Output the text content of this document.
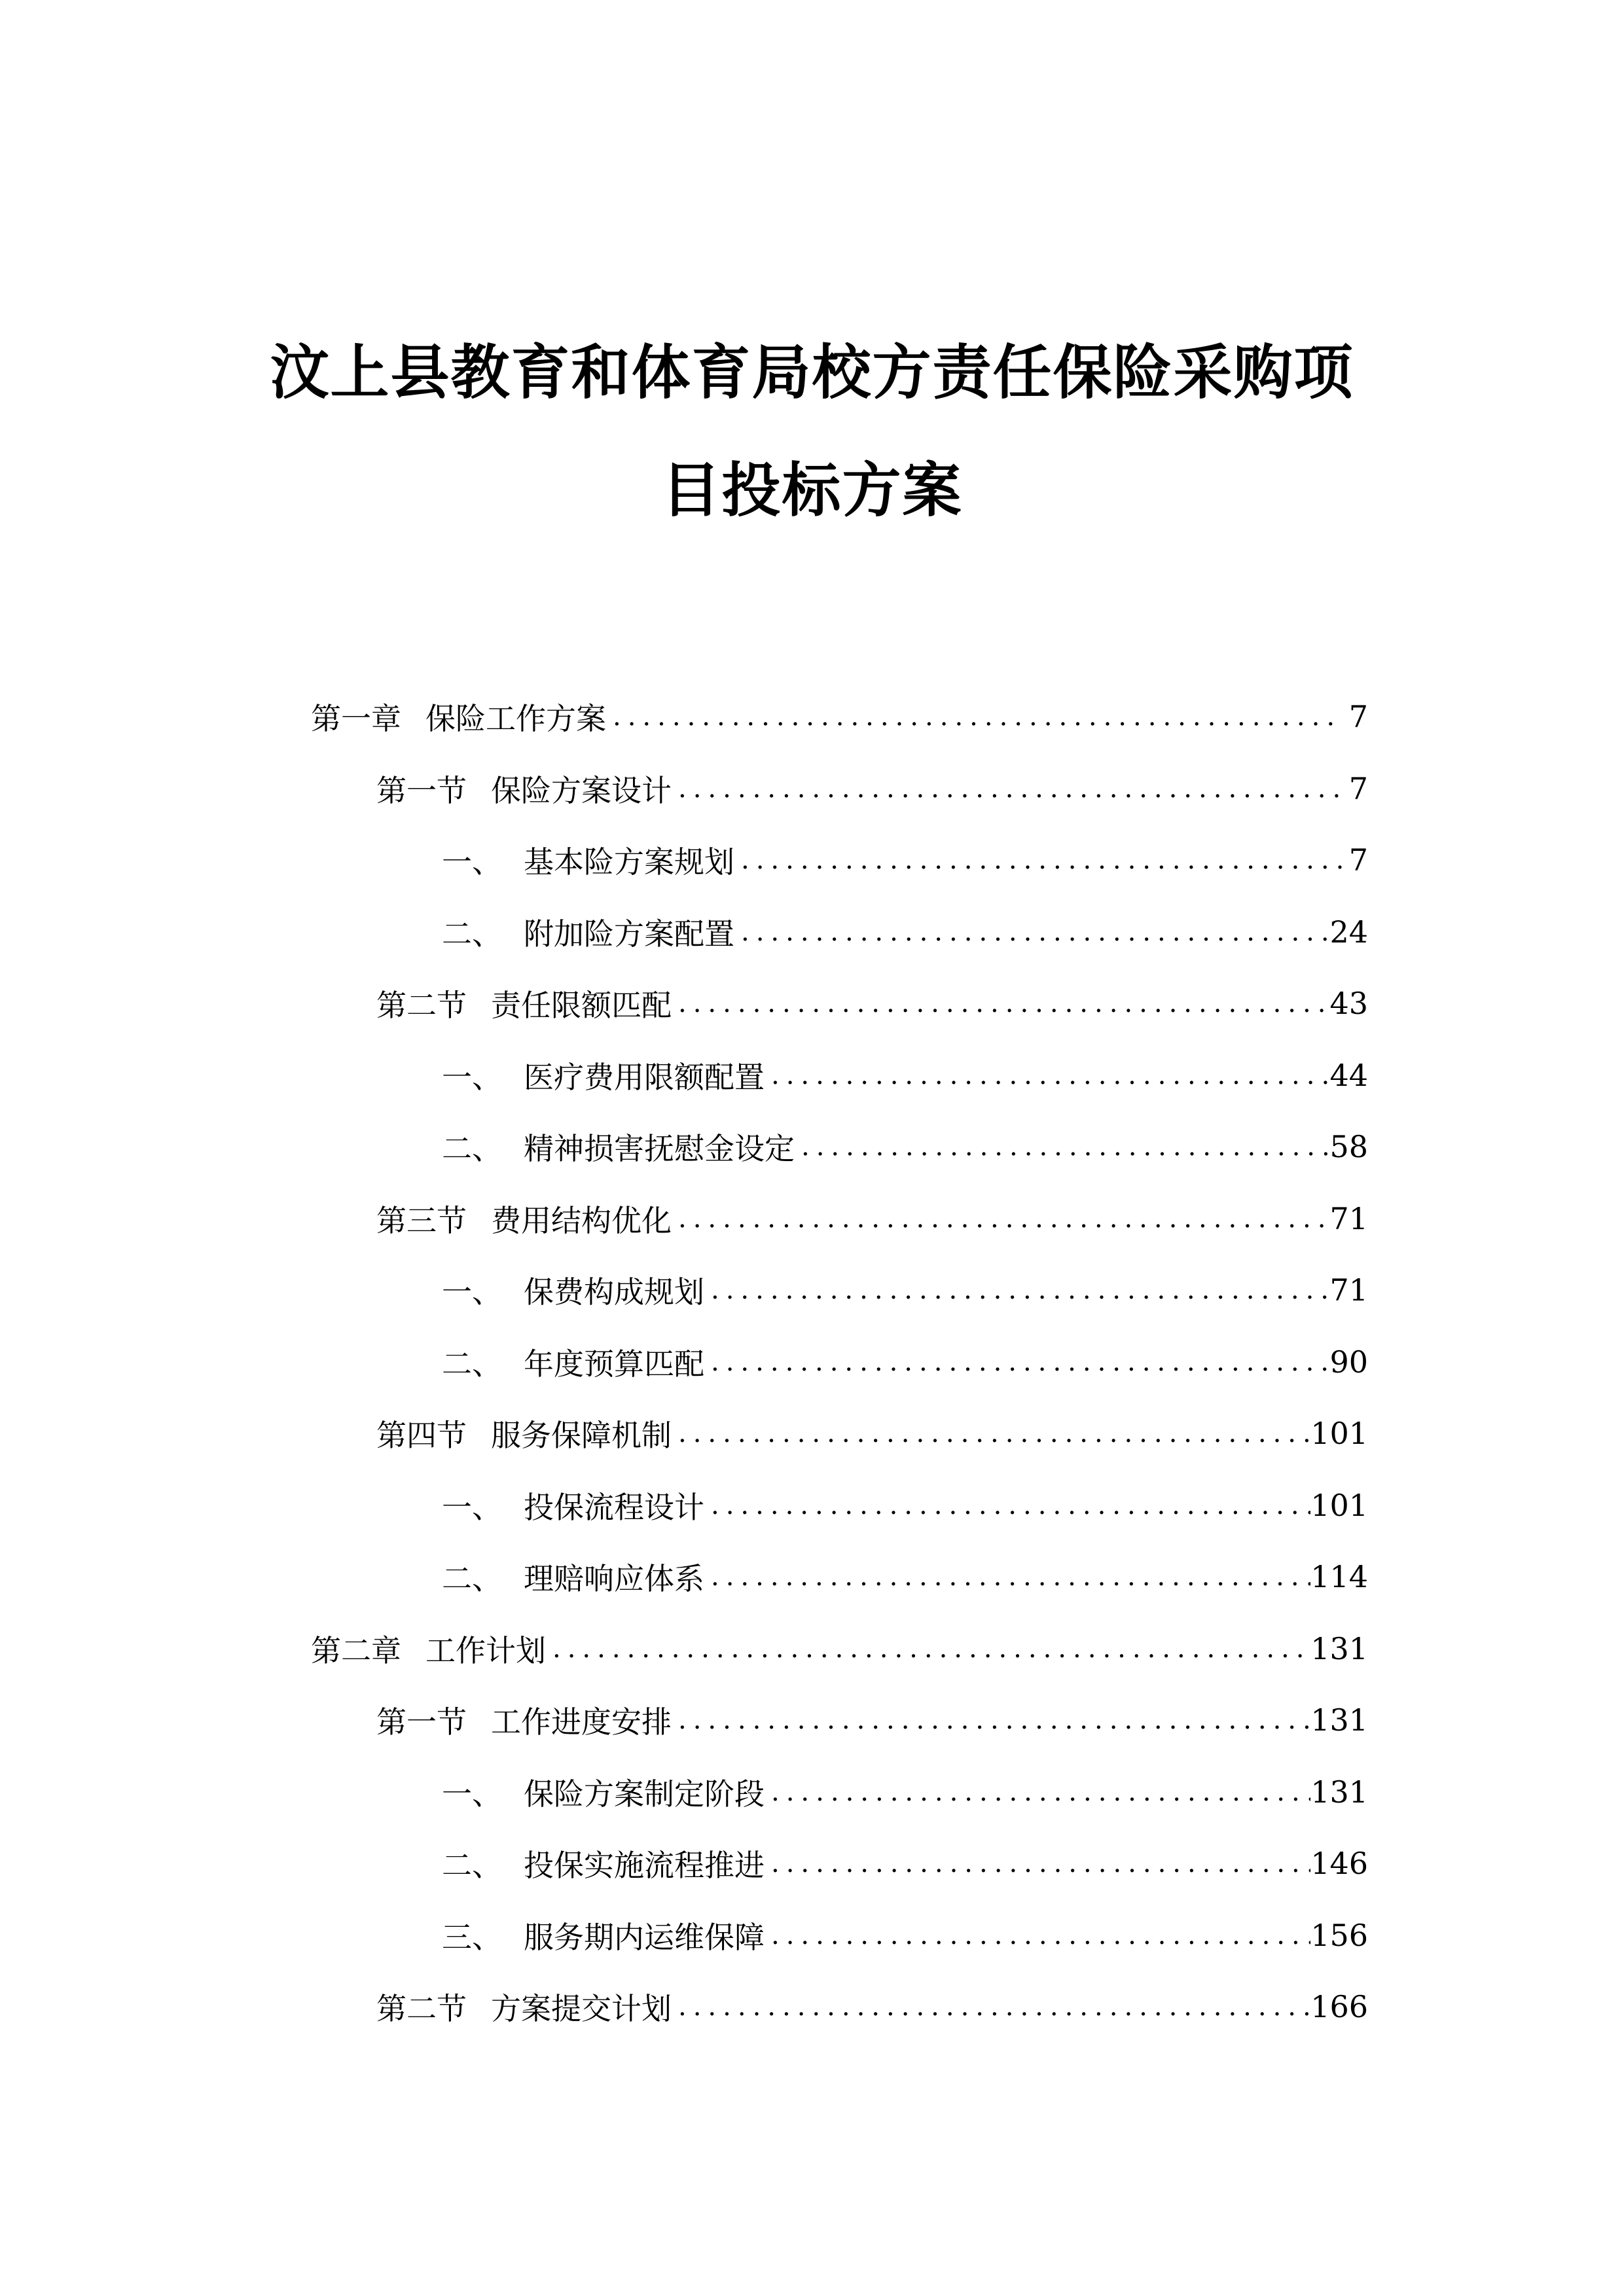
汶上县教育和体育局校方责任保险采购项
目投标方案
第一章 保险工作方案 .....	7
第一节 保险方案设计 .....	7
一、 基本险方案规划 .....	7
二、 附加险方案配置 .....	24
第二节 责任限额匹配 .....	43
一、 医疗费用限额配置 .....	44
二、 精神损害抚慰金设定 .....	58
第三节 费用结构优化 .....	71
一、 保费构成规划 .....	71
二、 年度预算匹配 .....	90
第四节 服务保障机制 .....	101
一、 投保流程设计 .....	101
二、 理赔响应体系 .....	114
第二章 工作计划 .....	131
第一节 工作进度安排 .....	131
一、 保险方案制定阶段 .....	131
二、 投保实施流程推进 .....	146
三、 服务期内运维保障 .....	156
第二节 方案提交计划 .....	166
